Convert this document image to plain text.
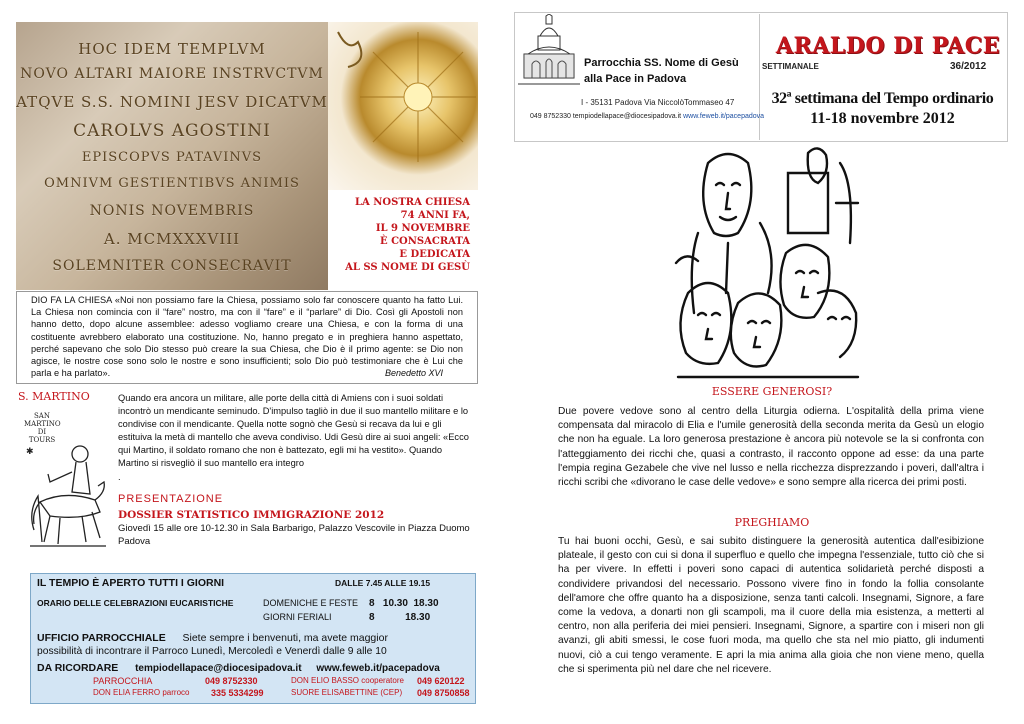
HOC IDEM TEMPLVM
NOVO ALTARI MAIORE INSTRVCTVM
ATQVE S.S. NOMINI JESV DICATVM
CAROLVS AGOSTINI
EPISCOPVS PATAVINVS
OMNIVM GESTIENTIBVS ANIMIS
NONIS NOVEMBRIS
A. MCMXXXVIII
SOLEMNITER CONSECRAVIT
LA NOSTRA CHIESA
74 ANNI FA,
IL 9 NOVEMBRE
È CONSACRATA
E DEDICATA
AL SS NOME DI GESÙ

DIO FA LA CHIESA «Noi non possiamo fare la Chiesa, possiamo solo far conoscere quanto ha fatto Lui. La Chiesa non comincia con il “fare” nostro, ma con il “fare” e il “parlare” di Dio. Così gli Apostoli non hanno detto, dopo alcune assemblee: adesso vogliamo creare una Chiesa, e con la forma di una costituente avrebbero elaborato una costituzione. No, hanno pregato e in preghiera hanno aspettato, perché sapevano che solo Dio stesso può creare la sua Chiesa, che Dio è il primo agente: se Dio non agisce, le nostre cose sono solo le nostre e sono insufficienti; solo Dio può testimoniare che è Lui che parla e ha parlato».	Benedetto XVI
S. MARTINO	Quando era ancora un militare, alle porte della città di Amiens con i suoi soldati incontrò un mendicante seminudo. D'impulso tagliò in due il suo mantello militare e lo condivise con il mendicante. Quella notte sognò che Gesù si recava da lui e gli estituiva la metà di mantello che aveva condiviso. Udi Gesù dire ai suoi angeli: «Ecco qui Martino, il soldato romano che non è battezato, egli mi ha vestito». Quando Martino si risvegliò il suo mantello era integro
.
SAN
MARTINO
DI
TOURS
✱
PRESENTAZIONE
DOSSIER STATISTICO IMMIGRAZIONE 2012
Giovedì 15 alle ore 10-12.30 in Sala Barbarigo, Palazzo Vescovile in Piazza Duomo Padova
IL TEMPIO È APERTO TUTTI I GIORNI	DALLE 7.45 ALLE 19.15
ORARIO DELLE CELEBRAZIONI EUCARISTICHE	DOMENICHE E FESTE 8   10.30  18.30
GIORNI FERIALI	8           18.30
UFFICIO PARROCCHIALE Siete sempre i benvenuti, ma avete maggior
possibilità di incontrare il Parroco Lunedì, Mercoledì e Venerdì dalle 9 alle 10
DA RICORDARE tempiodellapace@diocesipadova.it www.feweb.it/pacepadova
PARROCCHIA	049 8752330	DON ELIO BASSO cooperatore 049 620122
DON ELIA FERRO parroco 335 5334299	SUORE ELISABETTINE (CEP) 049 8750858
Parrocchia SS. Nome di Gesù
alla Pace in Padova
I - 35131 Padova Via NiccolòTommaseo 47
049 8752330 tempiodellapace@diocesipadova.it www.feweb.it/pacepadova
ARALDO DI PACE
SETTIMANALE	36/2012
32ª settimana del Tempo ordinario
11-18 novembre 2012
ESSERE GENEROSI?
Due povere vedove sono al centro della Liturgia odierna. L'ospitalità della prima viene compensata dal miracolo di Elia e l'umile generosità della seconda merita da Gesù un elogio che non ha eguale. La loro generosa prestazione è ancora più notevole se la si confronta con l'atteggiamento dei ricchi che, quasi a contrasto, il racconto oppone ad esse: da una parte l'empia regina Gezabele che vive nel lusso e nella ricchezza disprezzando i poveri, dall'altra i ricchi scribi che «divorano le case delle vedove» e sono sempre alla ricerca dei primi posti.
PREGHIAMO
Tu hai buoni occhi, Gesù, e sai subito distinguere la generosità autentica dall'esibizione plateale, il gesto con cui si dona il superfluo e quello che impegna l'essenziale, tutto ciò che si ha per vivere. In effetti i poveri sono capaci di autentica solidarietà perché disposti a condividere privandosi del necessario. Possono vivere fino in fondo la follia consolante dell'amore che offre quanto ha a disposizione, senza tanti calcoli. Insegnami, Signore, a fare come la vedova, a donarti non gli scampoli, ma il cuore della mia esistenza, a metterti al centro, non alla periferia dei miei pensieri. Insegnami, Signore, a spartire con i miseri non gli avanzi, gli abiti smessi, le cose fuori moda, ma quello che sta nel mio piatto, gli indumenti nuovi, ciò a cui tengo veramente. E apri la mia anima alla gioia che non viene meno, quella che si sperimenta più nel dare che nel ricevere.
